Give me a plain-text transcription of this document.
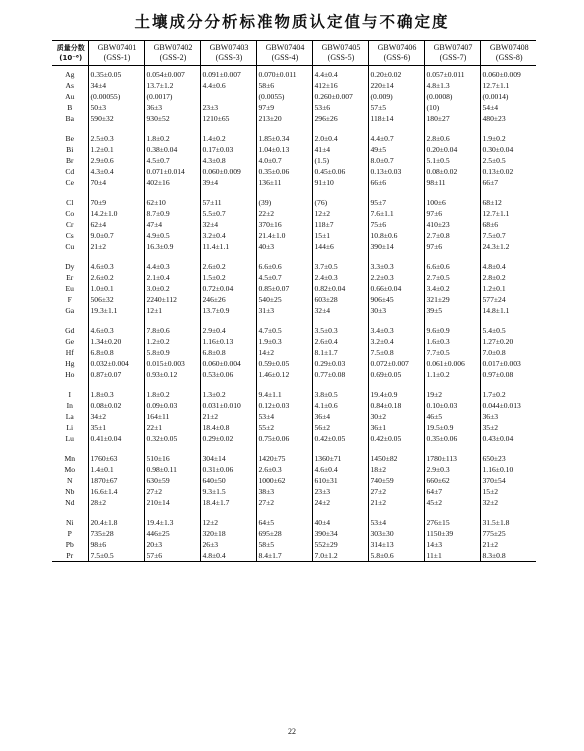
土壤成分分析标准物质认定值与不确定度
质量分数	GBW07401	GBW07402	GBW07403	GBW07404	GBW07405	GBW07406	GBW07407	GBW07408
(10⁻⁶)	(GSS-1)	(GSS-2)	(GSS-3)	(GSS-4)	(GSS-5)	(GSS-6)	(GSS-7)	(GSS-8)
Ag	0.35±0.05	0.054±0.007	0.091±0.007	0.070±0.011	4.4±0.4	0.20±0.02	0.057±0.011	0.060±0.009
As	34±4	13.7±1.2	4.4±0.6	58±6	412±16	220±14	4.8±1.3	12.7±1.1
Au	(0.00055)	(0.0017)		(0.0055)	0.260±0.007	(0.009)	(0.0008)	(0.0014)
B	50±3	36±3	23±3	97±9	53±6	57±5	(10)	54±4
Ba	590±32	930±52	1210±65	213±20	296±26	118±14	180±27	480±23
Be	2.5±0.3	1.8±0.2	1.4±0.2	1.85±0.34	2.0±0.4	4.4±0.7	2.8±0.6	1.9±0.2
Bi	1.2±0.1	0.38±0.04	0.17±0.03	1.04±0.13	41±4	49±5	0.20±0.04	0.30±0.04
Br	2.9±0.6	4.5±0.7	4.3±0.8	4.0±0.7	(1.5)	8.0±0.7	5.1±0.5	2.5±0.5
Cd	4.3±0.4	0.071±0.014	0.060±0.009	0.35±0.06	0.45±0.06	0.13±0.03	0.08±0.02	0.13±0.02
Ce	70±4	402±16	39±4	136±11	91±10	66±6	98±11	66±7
Cl	70±9	62±10	57±11	(39)	(76)	95±7	100±6	68±12
Co	14.2±1.0	8.7±0.9	5.5±0.7	22±2	12±2	7.6±1.1	97±6	12.7±1.1
Cr	62±4	47±4	32±4	370±16	118±7	75±6	410±23	68±6
Cs	9.0±0.7	4.9±0.5	3.2±0.4	21.4±1.0	15±1	10.8±0.6	2.7±0.8	7.5±0.7
Cu	21±2	16.3±0.9	11.4±1.1	40±3	144±6	390±14	97±6	24.3±1.2
Dy	4.6±0.3	4.4±0.3	2.6±0.2	6.6±0.6	3.7±0.5	3.3±0.3	6.6±0.6	4.8±0.4
Er	2.6±0.2	2.1±0.4	1.5±0.2	4.5±0.7	2.4±0.3	2.2±0.3	2.7±0.5	2.8±0.2
Eu	1.0±0.1	3.0±0.2	0.72±0.04	0.85±0.07	0.82±0.04	0.66±0.04	3.4±0.2	1.2±0.1
F	506±32	2240±112	246±26	540±25	603±28	906±45	321±29	577±24
Ga	19.3±1.1	12±1	13.7±0.9	31±3	32±4	30±3	39±5	14.8±1.1
Gd	4.6±0.3	7.8±0.6	2.9±0.4	4.7±0.5	3.5±0.3	3.4±0.3	9.6±0.9	5.4±0.5
Ge	1.34±0.20	1.2±0.2	1.16±0.13	1.9±0.3	2.6±0.4	3.2±0.4	1.6±0.3	1.27±0.20
Hf	6.8±0.8	5.8±0.9	6.8±0.8	14±2	8.1±1.7	7.5±0.8	7.7±0.5	7.0±0.8
Hg	0.032±0.004	0.015±0.003	0.060±0.004	0.59±0.05	0.29±0.03	0.072±0.007	0.061±0.006	0.017±0.003
Ho	0.87±0.07	0.93±0.12	0.53±0.06	1.46±0.12	0.77±0.08	0.69±0.05	1.1±0.2	0.97±0.08
I	1.8±0.3	1.8±0.2	1.3±0.2	9.4±1.1	3.8±0.5	19.4±0.9	19±2	1.7±0.2
In	0.08±0.02	0.09±0.03	0.031±0.010	0.12±0.03	4.1±0.6	0.84±0.18	0.10±0.03	0.044±0.013
La	34±2	164±11	21±2	53±4	36±4	30±2	46±5	36±3
Li	35±1	22±1	18.4±0.8	55±2	56±2	36±1	19.5±0.9	35±2
Lu	0.41±0.04	0.32±0.05	0.29±0.02	0.75±0.06	0.42±0.05	0.42±0.05	0.35±0.06	0.43±0.04
Mn	1760±63	510±16	304±14	1420±75	1360±71	1450±82	1780±113	650±23
Mo	1.4±0.1	0.98±0.11	0.31±0.06	2.6±0.3	4.6±0.4	18±2	2.9±0.3	1.16±0.10
N	1870±67	630±59	640±50	1000±62	610±31	740±59	660±62	370±54
Nb	16.6±1.4	27±2	9.3±1.5	38±3	23±3	27±2	64±7	15±2
Nd	28±2	210±14	18.4±1.7	27±2	24±2	21±2	45±2	32±2
Ni	20.4±1.8	19.4±1.3	12±2	64±5	40±4	53±4	276±15	31.5±1.8
P	735±28	446±25	320±18	695±28	390±34	303±30	1150±39	775±25
Pb	98±6	20±3	26±3	58±5	552±29	314±13	14±3	21±2
Pr	7.5±0.5	57±6	4.8±0.4	8.4±1.7	7.0±1.2	5.8±0.6	11±1	8.3±0.8
22
